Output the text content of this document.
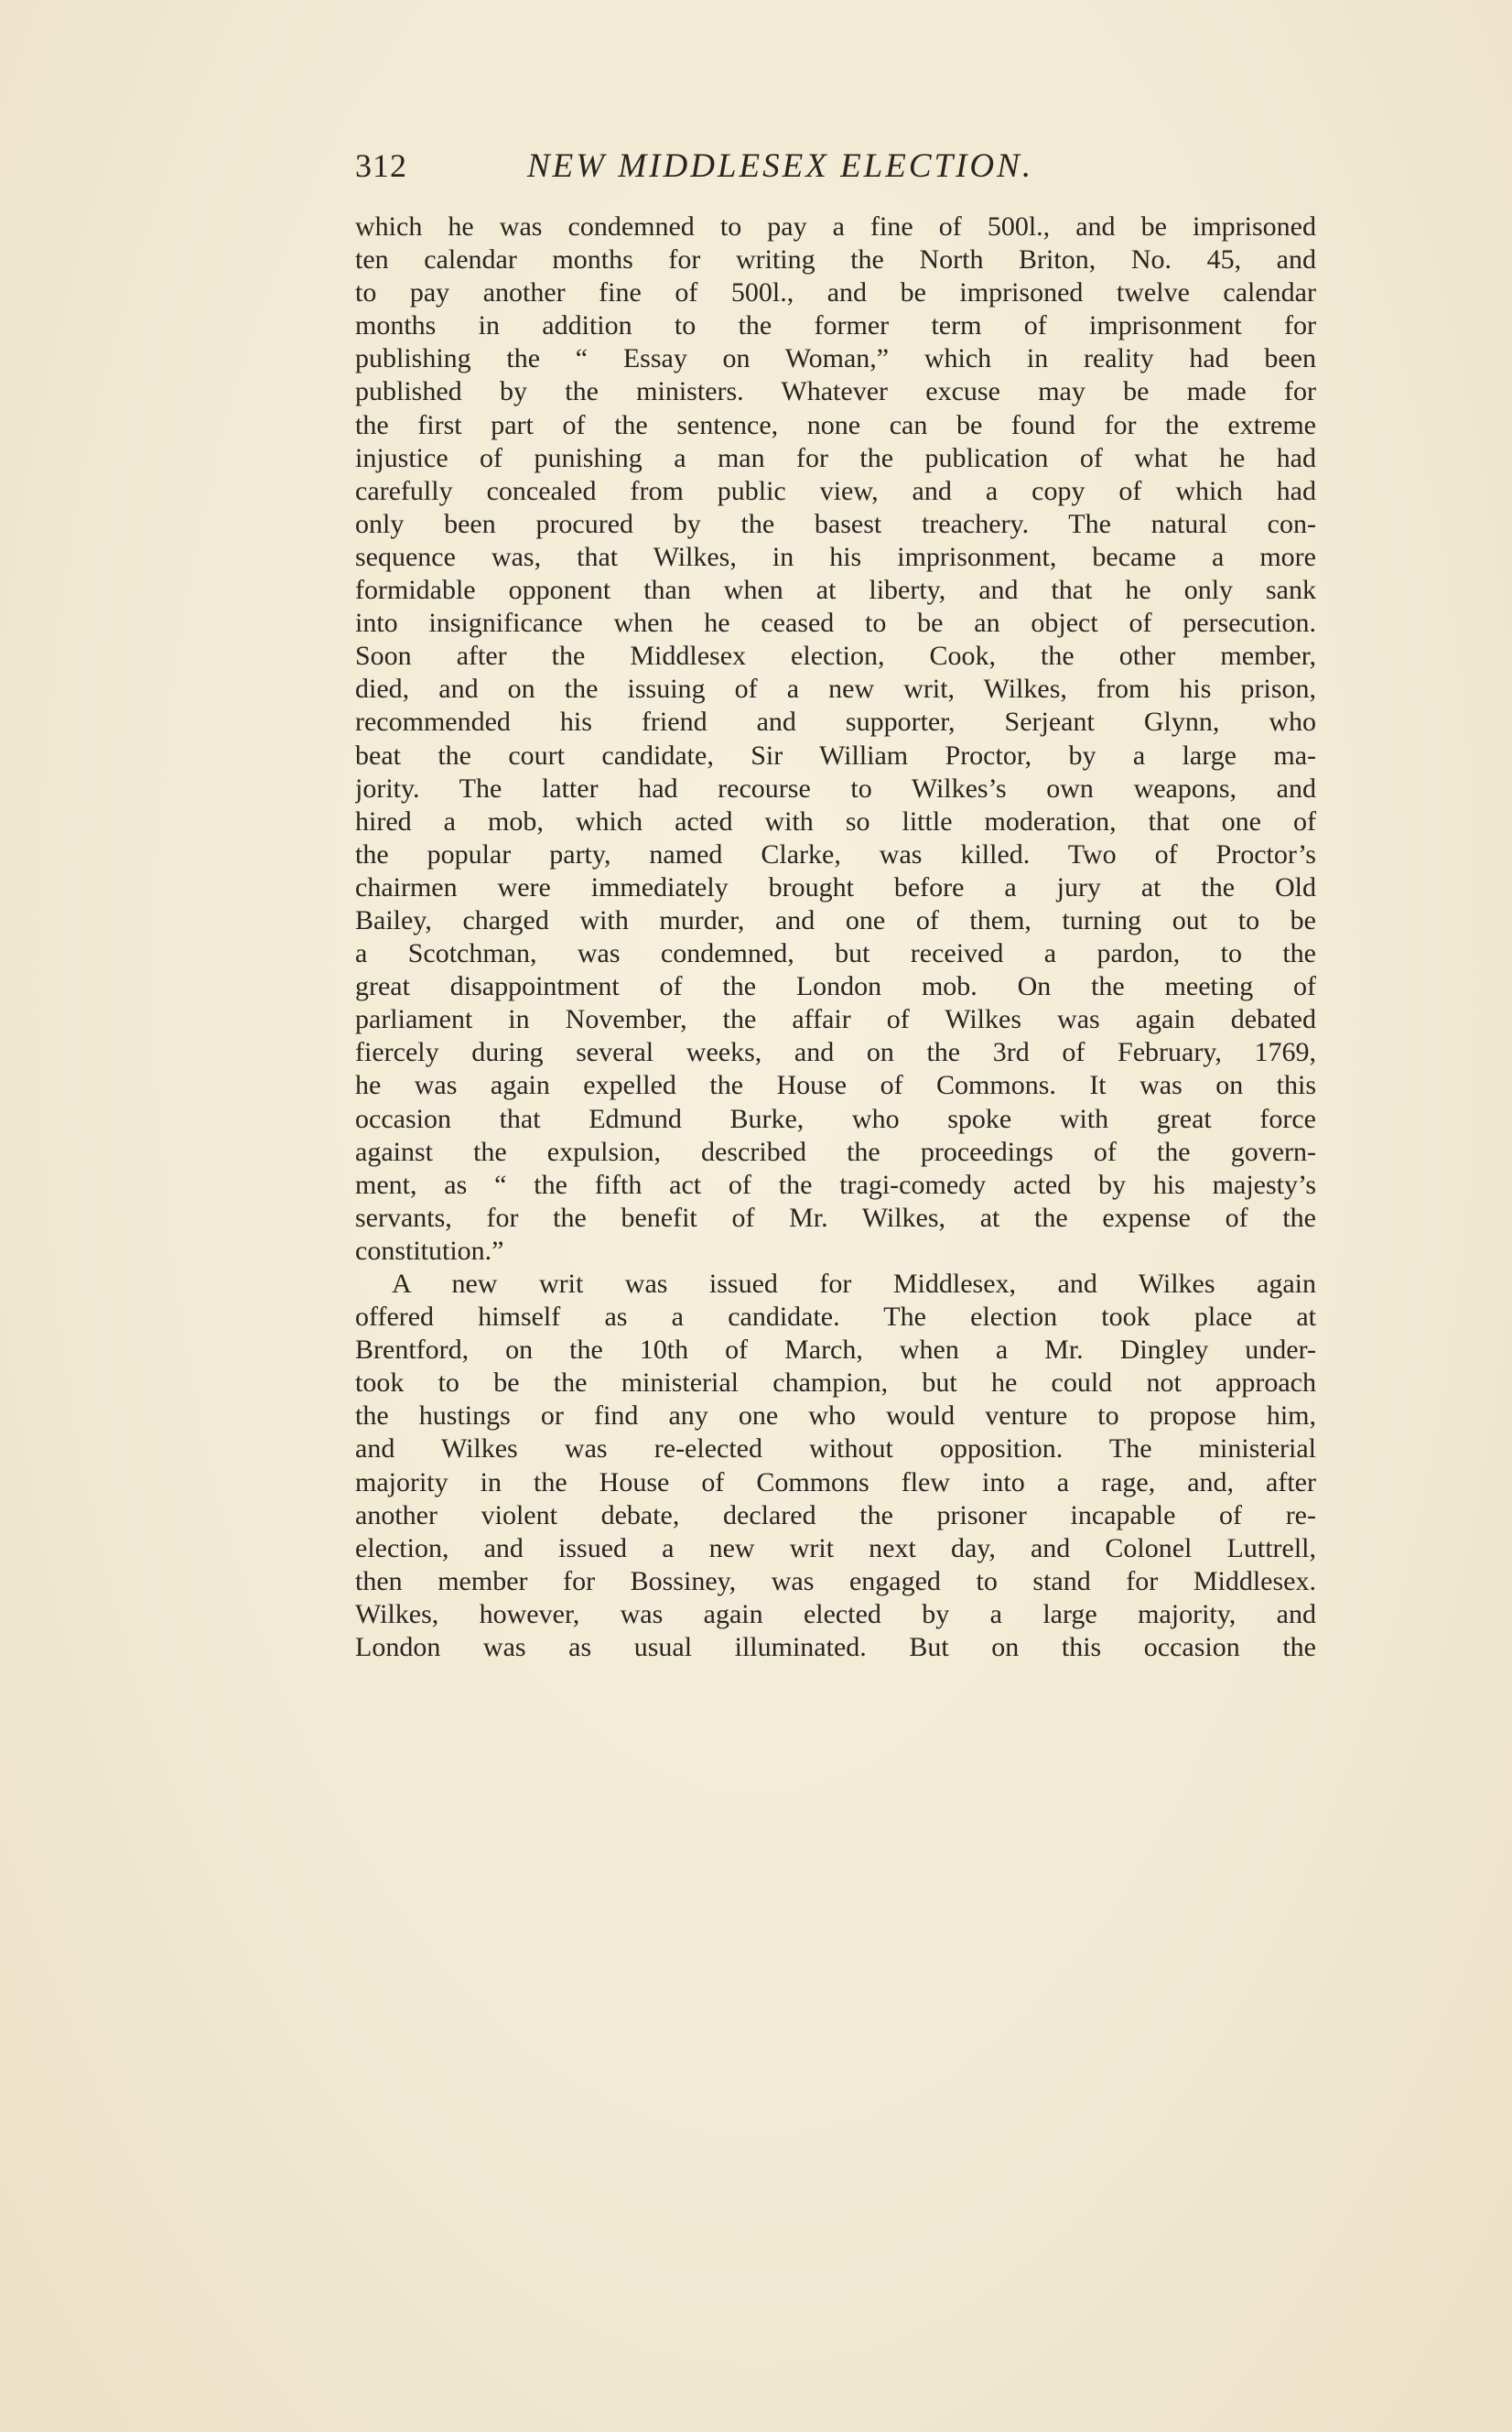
312	NEW MIDDLESEX ELECTION.
which he was condemned to pay a fine of 500l., and be imprisoned
ten calendar months for writing the North Briton, No. 45, and
to pay another fine of 500l., and be imprisoned twelve calendar
months in addition to the former term of imprisonment for
publishing the “ Essay on Woman,” which in reality had been
published by the ministers. Whatever excuse may be made for
the first part of the sentence, none can be found for the extreme
injustice of punishing a man for the publication of what he had
carefully concealed from public view, and a copy of which had
only been procured by the basest treachery. The natural con-
sequence was, that Wilkes, in his imprisonment, became a more
formidable opponent than when at liberty, and that he only sank
into insignificance when he ceased to be an object of persecution.
Soon after the Middlesex election, Cook, the other member,
died, and on the issuing of a new writ, Wilkes, from his prison,
recommended his friend and supporter, Serjeant Glynn, who
beat the court candidate, Sir William Proctor, by a large ma-
jority. The latter had recourse to Wilkes’s own weapons, and
hired a mob, which acted with so little moderation, that one of
the popular party, named Clarke, was killed. Two of Proctor’s
chairmen were immediately brought before a jury at the Old
Bailey, charged with murder, and one of them, turning out to be
a Scotchman, was condemned, but received a pardon, to the
great disappointment of the London mob. On the meeting of
parliament in November, the affair of Wilkes was again debated
fiercely during several weeks, and on the 3rd of February, 1769,
he was again expelled the House of Commons. It was on this
occasion that Edmund Burke, who spoke with great force
against the expulsion, described the proceedings of the govern-
ment, as “ the fifth act of the tragi-comedy acted by his majesty’s
servants, for the benefit of Mr. Wilkes, at the expense of the
constitution.”
A new writ was issued for Middlesex, and Wilkes again
offered himself as a candidate. The election took place at
Brentford, on the 10th of March, when a Mr. Dingley under-
took to be the ministerial champion, but he could not approach
the hustings or find any one who would venture to propose him,
and Wilkes was re-elected without opposition. The ministerial
majority in the House of Commons flew into a rage, and, after
another violent debate, declared the prisoner incapable of re-
election, and issued a new writ next day, and Colonel Luttrell,
then member for Bossiney, was engaged to stand for Middlesex.
Wilkes, however, was again elected by a large majority, and
London was as usual illuminated. But on this occasion the
